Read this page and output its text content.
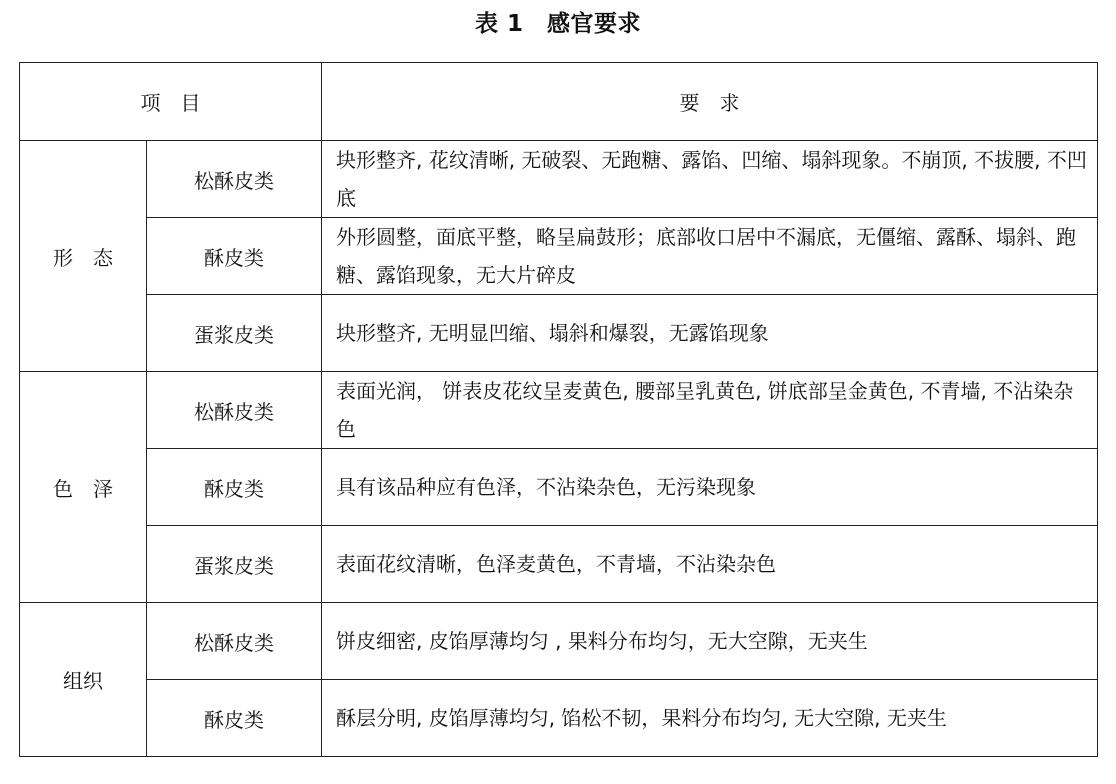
表 1　感官要求
项　目		要　求
形　态	松酥皮类	块形整齐, 花纹清晰, 无破裂、无跑糖、露馅、凹缩、塌斜现象。不崩顶, 不拔腰, 不凹底
	酥皮类	外形圆整，面底平整，略呈扁鼓形；底部收口居中不漏底，无僵缩、露酥、塌斜、跑糖、露馅现象，无大片碎皮
	蛋浆皮类	块形整齐, 无明显凹缩、塌斜和爆裂，无露馅现象
色　泽	松酥皮类	表面光润， 饼表皮花纹呈麦黄色, 腰部呈乳黄色, 饼底部呈金黄色, 不青墙, 不沾染杂色
	酥皮类	具有该品种应有色泽，不沾染杂色，无污染现象
	蛋浆皮类	表面花纹清晰，色泽麦黄色，不青墙，不沾染杂色
组织	松酥皮类	饼皮细密, 皮馅厚薄均匀 , 果料分布均匀，无大空隙，无夹生
	酥皮类	酥层分明, 皮馅厚薄均匀, 馅松不韧，果料分布均匀, 无大空隙, 无夹生
